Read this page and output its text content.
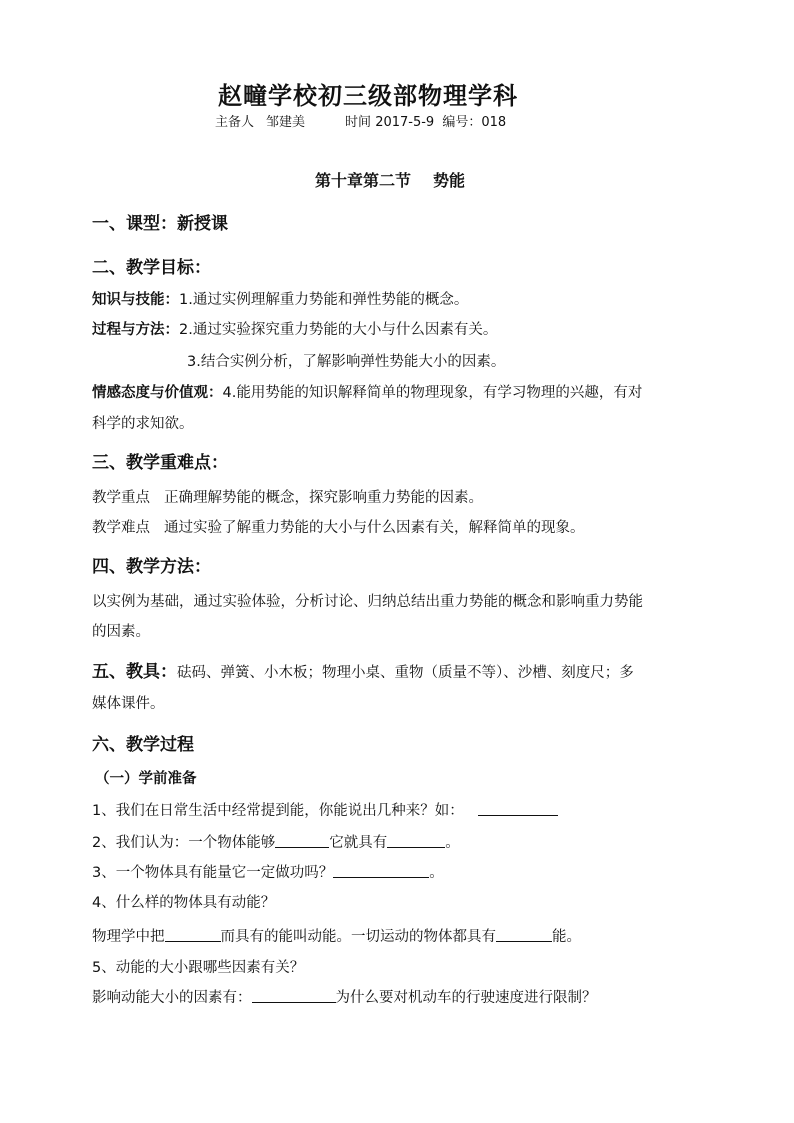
赵疃学校初三级部物理学科
主备人 邹建美	时间 2017-5-9 编号：018
第十章第二节 势能
一、课型：新授课
二、教学目标：
知识与技能：1.通过实例理解重力势能和弹性势能的概念。
过程与方法：2.通过实验探究重力势能的大小与什么因素有关。
3.结合实例分析，了解影响弹性势能大小的因素。
情感态度与价值观：4.能用势能的知识解释简单的物理现象，有学习物理的兴趣，有对
科学的求知欲。
三、教学重难点：
教学重点 正确理解势能的概念，探究影响重力势能的因素。
教学难点 通过实验了解重力势能的大小与什么因素有关，解释简单的现象。
四、教学方法：
以实例为基础，通过实验体验，分析讨论、归纳总结出重力势能的概念和影响重力势能
的因素。
五、教具：砝码、弹簧、小木板；物理小桌、重物（质量不等）、沙槽、刻度尺；多
媒体课件。
六、教学过程
（一）学前准备
1、我们在日常生活中经常提到能，你能说出几种来？如：
2、我们认为：一个物体能够	它就具有	。
3、一个物体具有能量它一定做功吗？	。
4、什么样的物体具有动能？
物理学中把	而具有的能叫动能。一切运动的物体都具有	能。
5、动能的大小跟哪些因素有关？
影响动能大小的因素有：	为什么要对机动车的行驶速度进行限制？
